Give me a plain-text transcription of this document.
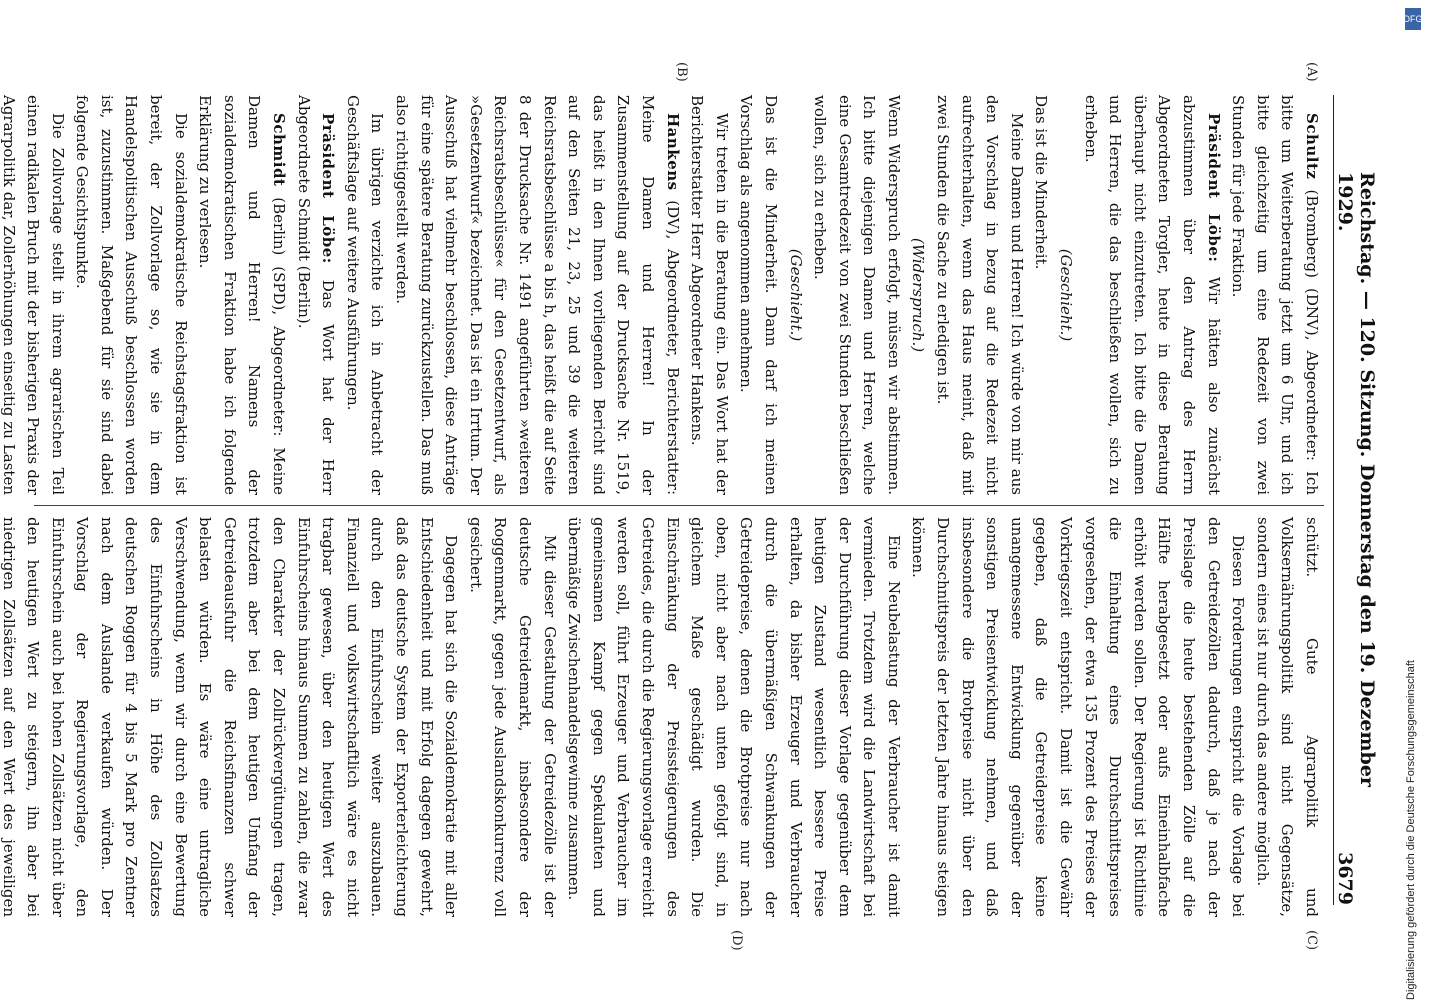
Reichstag. — 120. Sitzung. Donnerstag den 19. Dezember 1929.
3679
(A)
(B)
(C)
(D)

Schultz (Bromberg) (DNV), Abgeordneter: Ich bitte um Weiterberatung jetzt um 6 Uhr, und ich bitte gleichzeitig um eine Redezeit von zwei Stunden für jede Fraktion.

Präsident Löbe: Wir hätten also zunächst abzustimmen über den Antrag des Herrn Abgeordneten Torgler, heute in diese Beratung überhaupt nicht einzutreten. Ich bitte die Damen und Herren, die das beschließen wollen, sich zu erheben.

(Geschieht.)

Das ist die Minderheit.

Meine Damen und Herren! Ich würde von mir aus den Vorschlag in bezug auf die Redezeit nicht aufrechterhalten, wenn das Haus meint, daß mit zwei Stunden die Sache zu erledigen ist.

(Widerspruch.)

Wenn Widerspruch erfolgt, müssen wir abstimmen. Ich bitte diejenigen Damen und Herren, welche eine Gesamtredezeit von zwei Stunden beschließen wollen, sich zu erheben.

(Geschieht.)

Das ist die Minderheit. Dann darf ich meinen Vorschlag als angenommen annehmen.

Wir treten in die Beratung ein. Das Wort hat der Berichterstatter Herr Abgeordneter Hankens.

Hankens (DV), Abgeordneter, Berichterstatter: Meine Damen und Herren! In der Zusammenstellung auf der Drucksache Nr. 1519, das heißt in den Ihnen vorliegenden Bericht sind auf den Seiten 21, 23, 25 und 39 die weiteren Reichsratsbeschlüsse a bis h, das heißt die auf Seite 8 der Drucksache Nr. 1491 angeführten »weiteren Reichsratsbeschlüsse« für den Gesetzentwurf, als »Gesetzentwurf« bezeichnet. Das ist ein Irrtum. Der Ausschuß hat vielmehr beschlossen, diese Anträge für eine spätere Beratung zurückzustellen. Das muß also richtiggestellt werden.

Im übrigen verzichte ich in Anbetracht der Geschäftslage auf weitere Ausführungen.

Präsident Löbe: Das Wort hat der Herr Abgeordnete Schmidt (Berlin).

Schmidt (Berlin) (SPD), Abgeordneter: Meine Damen und Herren! Namens der sozialdemokratischen Fraktion habe ich folgende Erklärung zu verlesen.

Die sozialdemokratische Reichstagsfraktion ist bereit, der Zollvorlage so, wie sie in dem Handelspolitischen Ausschuß beschlossen worden ist, zuzustimmen. Maßgebend für sie sind dabei folgende Gesichtspunkte.

Die Zollvorlage stellt in ihrem agrarischen Teil einen radikalen Bruch mit der bisherigen Praxis der Agrarpolitik dar, Zollerhöhungen einseitig zu Lasten

schützt. Gute Agrarpolitik und Volksernährungspolitik sind nicht Gegensätze, sondern eines ist nur durch das andere möglich.

Diesen Forderungen entspricht die Vorlage bei den Getreidezöllen dadurch, daß je nach der Preislage die heute bestehenden Zölle auf die Hälfte herabgesetzt oder aufs Eineinhalbfache erhöht werden sollen. Der Regierung ist Richtlinie die Einhaltung eines Durchschnittspreises vorgesehen, der etwa 135 Prozent des Preises der Vorkriegszeit entspricht. Damit ist die Gewähr gegeben, daß die Getreidepreise keine unangemessene Entwicklung gegenüber der sonstigen Preisentwicklung nehmen, und daß insbesondere die Brotpreise nicht über den Durchschnittspreis der letzten Jahre hinaus steigen können.

Eine Neubelastung der Verbraucher ist damit vermieden. Trotzdem wird die Landwirtschaft bei der Durchführung dieser Vorlage gegenüber dem heutigen Zustand wesentlich bessere Preise erhalten, da bisher Erzeuger und Verbraucher durch die übermäßigen Schwankungen der Getreidepreise, denen die Brotpreise nur nach oben, nicht aber nach unten gefolgt sind, in gleichem Maße geschädigt wurden. Die Einschränkung der Preissteigerungen des Getreides, die durch die Regierungsvorlage erreicht werden soll, führt Erzeuger und Verbraucher im gemeinsamen Kampf gegen Spekulanten und übermäßige Zwischenhandelsgewinne zusammen.

Mit dieser Gestaltung der Getreidezölle ist der deutsche Getreidemarkt, insbesondere der Roggenmarkt, gegen jede Auslandskonkurrenz voll gesichert.

Dagegen hat sich die Sozialdemokratie mit aller Entschiedenheit und mit Erfolg dagegen gewehrt, daß das deutsche System der Exporterleichterung durch den Einfuhrschein weiter auszubauen. Finanziell und volkswirtschaftlich wäre es nicht tragbar gewesen, über den heutigen Wert des Einfuhrscheins hinaus Summen zu zahlen, die zwar den Charakter der Zollrückvergütungen tragen, trotzdem aber bei dem heutigen Umfang der Getreideausfuhr die Reichsfinanzen schwer belasten würden. Es wäre eine untragliche Verschwendung, wenn wir durch eine Bewertung des Einfuhrscheins in Höhe des Zollsatzes deutschen Roggen für 4 bis 5 Mark pro Zentner nach dem Auslande verkaufen würden. Der Vorschlag der Regierungsvorlage, den Einfuhrschein auch bei hohen Zollsätzen nicht über den heutigen Wert zu steigern, ihn aber bei niedrigen Zollsätzen auf den Wert des jeweiligen

DFG
Digitalisierung gefördert durch die Deutsche Forschungsgemeinschaft
